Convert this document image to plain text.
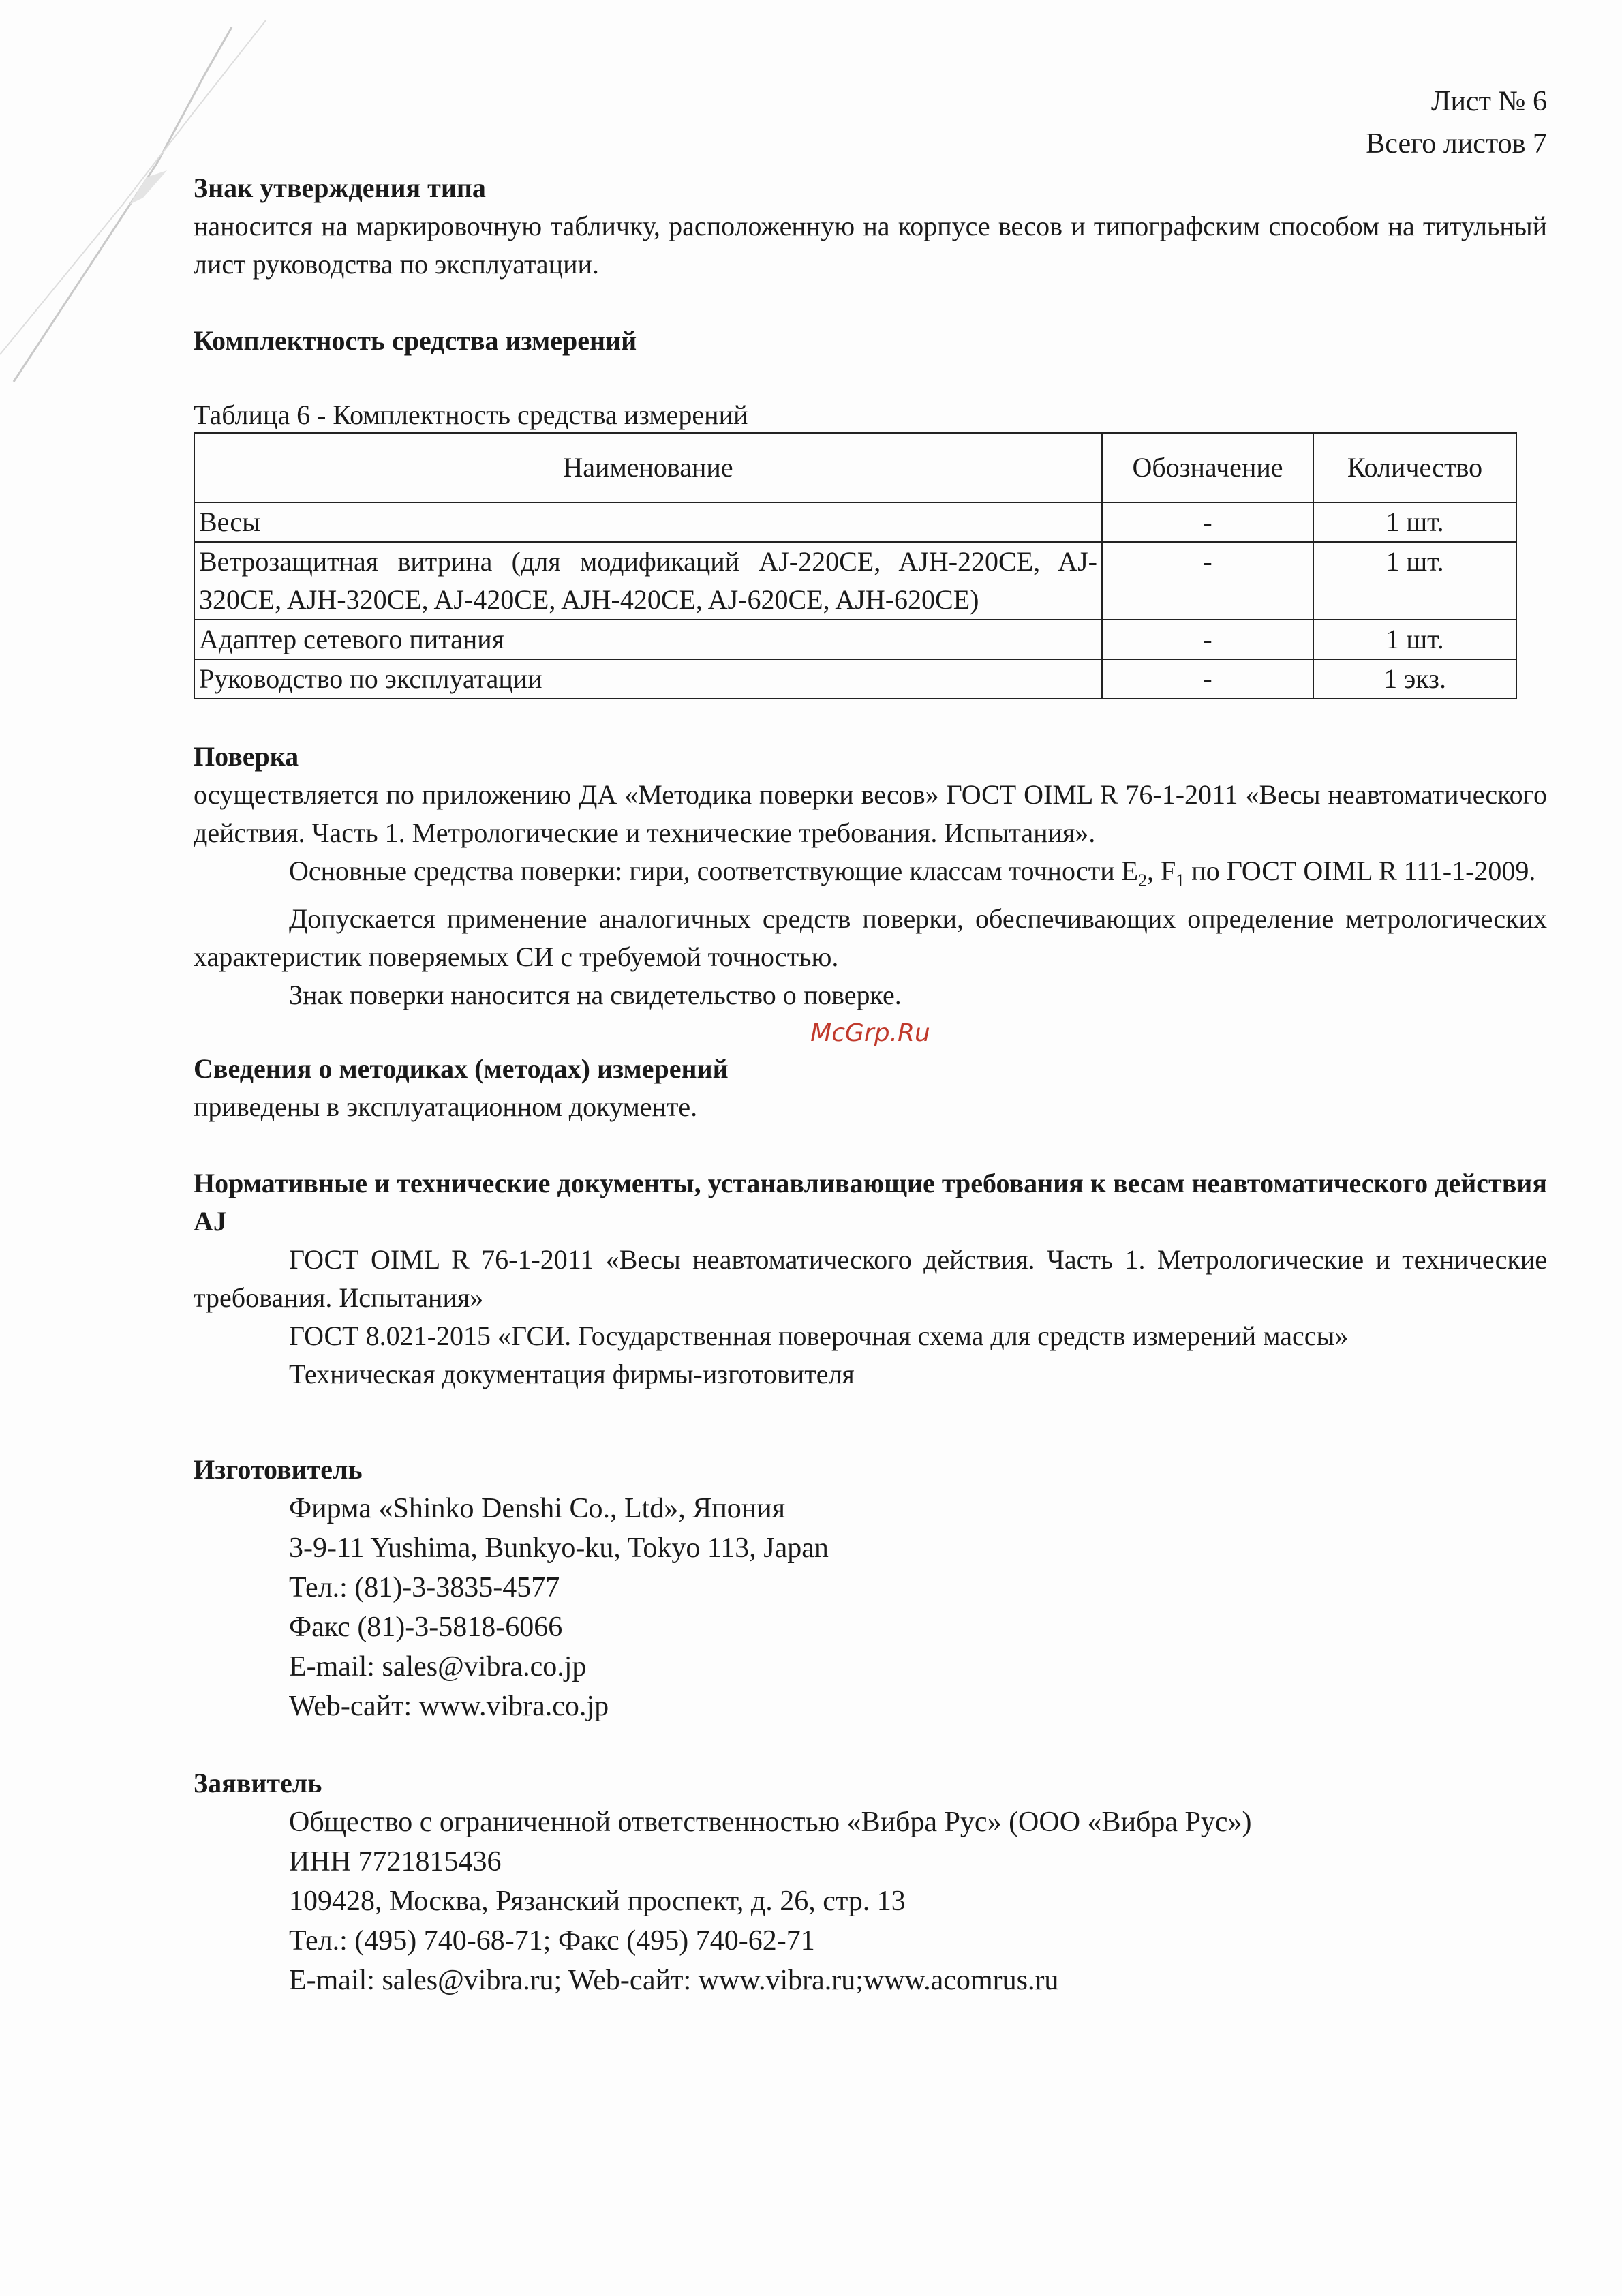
Лист № 6
Всего листов 7
Знак утверждения типа

наносится на маркировочную табличку, расположенную на корпусе весов и типографским способом на титульный лист руководства по эксплуатации.

Комплектность средства измерений
Таблица 6 - Комплектность средства измерений
Наименование	Обозначение	Количество
Весы	-	1 шт.
Ветрозащитная витрина (для модификаций AJ-220CE, AJH-220CE, AJ-320CE, AJH-320CE, AJ-420CE, AJH-420CE, AJ-620CE, AJH-620CE)	-	1 шт.
Адаптер сетевого питания	-	1 шт.
Руководство по эксплуатации	-	1 экз.
Поверка

осуществляется по приложению ДА «Методика поверки весов» ГОСТ OIML R 76-1-2011 «Весы неавтоматического действия. Часть 1. Метрологические и технические требования. Испытания».

Основные средства поверки: гири, соответствующие классам точности $E_2$, $F_1$ по ГОСТ OIML R 111-1-2009.

Допускается применение аналогичных средств поверки, обеспечивающих определение метрологических характеристик поверяемых СИ с требуемой точностью.

Знак поверки наносится на свидетельство о поверке.

McGrp.Ru
Сведения о методиках (методах) измерений

приведены в эксплуатационном документе.

Нормативные и технические документы, устанавливающие требования к весам неавтоматического действия AJ

ГОСТ OIML R 76-1-2011 «Весы неавтоматического действия. Часть 1. Метрологические и технические требования. Испытания»

ГОСТ 8.021-2015 «ГСИ. Государственная поверочная схема для средств измерений массы»

Техническая документация фирмы-изготовителя

Изготовитель
Фирма «Shinko Denshi Co., Ltd», Япония
3-9-11 Yushima, Bunkyo-ku, Tokyo 113, Japan
Тел.: (81)-3-3835-4577
Факс (81)-3-5818-6066
E-mail: sales@vibra.co.jp
Web-сайт: www.vibra.co.jp
Заявитель
Общество с ограниченной ответственностью «Вибра Рус» (ООО «Вибра Рус»)
ИНН 7721815436
109428, Москва, Рязанский проспект, д. 26, стр. 13
Тел.: (495) 740-68-71; Факс (495) 740-62-71
E-mail: sales@vibra.ru; Web-сайт: www.vibra.ru;www.acomrus.ru
